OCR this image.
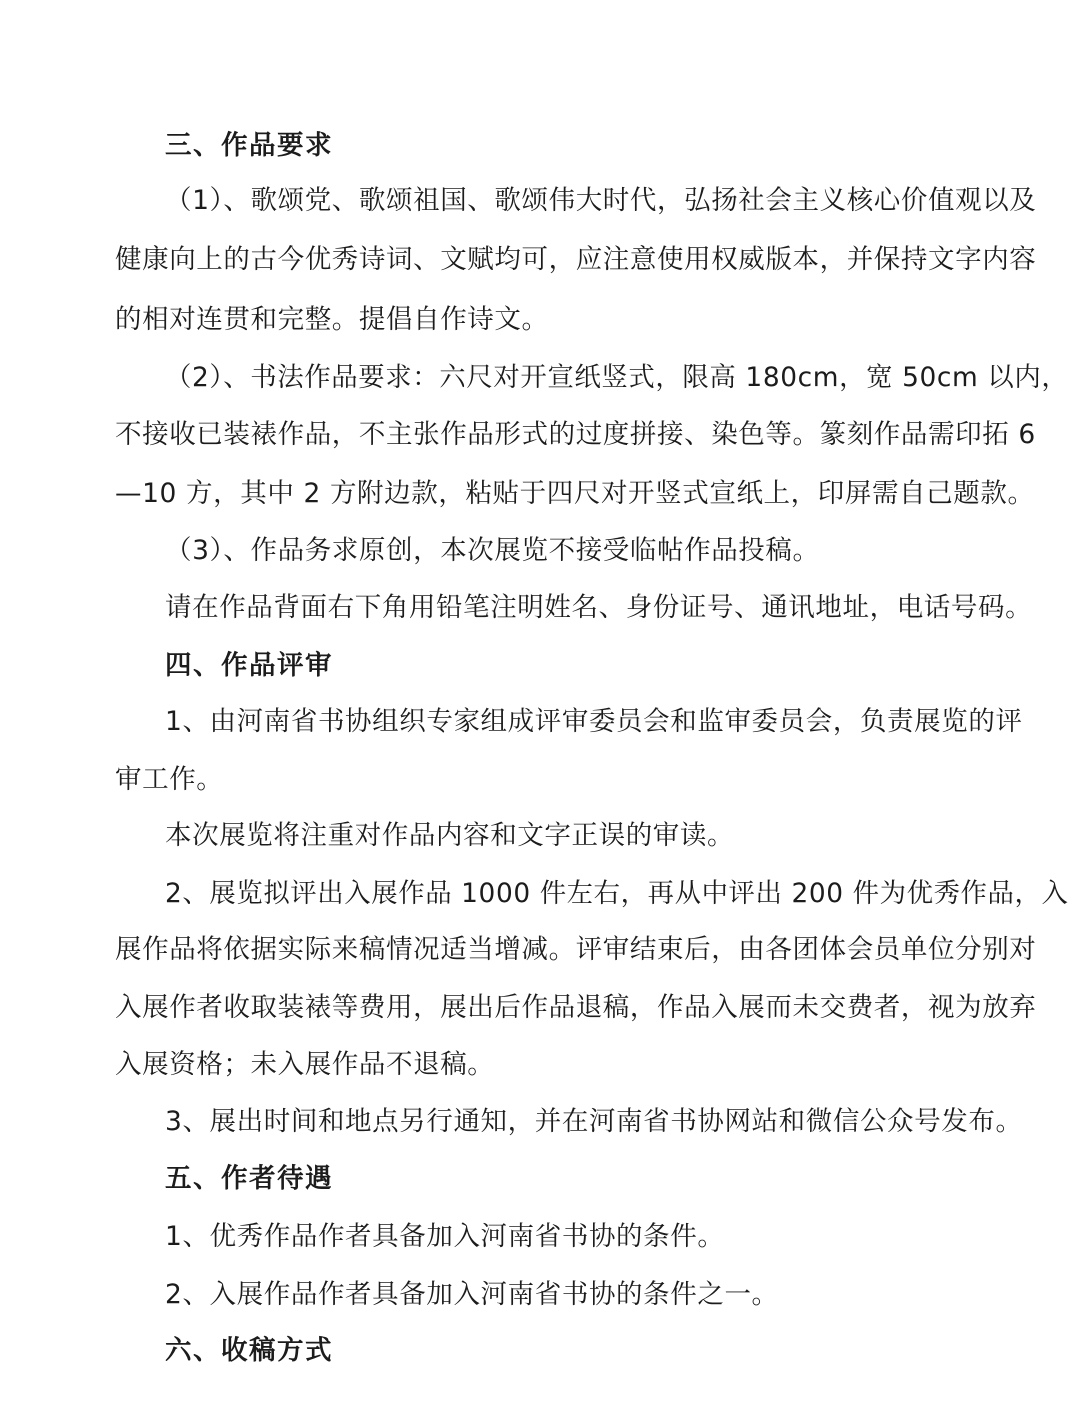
三、作品要求
（1）、歌颂党、歌颂祖国、歌颂伟大时代，弘扬社会主义核心价值观以及
健康向上的古今优秀诗词、文赋均可，应注意使用权威版本，并保持文字内容
的相对连贯和完整。提倡自作诗文。
（2）、书法作品要求：六尺对开宣纸竖式，限高 180cm，宽 50cm 以内，
不接收已装裱作品，不主张作品形式的过度拼接、染色等。篆刻作品需印拓 6
—10 方，其中 2 方附边款，粘贴于四尺对开竖式宣纸上，印屏需自己题款。
（3）、作品务求原创，本次展览不接受临帖作品投稿。
请在作品背面右下角用铅笔注明姓名、身份证号、通讯地址，电话号码。
四、作品评审
1、由河南省书协组织专家组成评审委员会和监审委员会，负责展览的评
审工作。
本次展览将注重对作品内容和文字正误的审读。
2、展览拟评出入展作品 1000 件左右，再从中评出 200 件为优秀作品，入
展作品将依据实际来稿情况适当增减。评审结束后，由各团体会员单位分别对
入展作者收取装裱等费用，展出后作品退稿，作品入展而未交费者，视为放弃
入展资格；未入展作品不退稿。
3、展出时间和地点另行通知，并在河南省书协网站和微信公众号发布。
五、作者待遇
1、优秀作品作者具备加入河南省书协的条件。
2、入展作品作者具备加入河南省书协的条件之一。
六、收稿方式
